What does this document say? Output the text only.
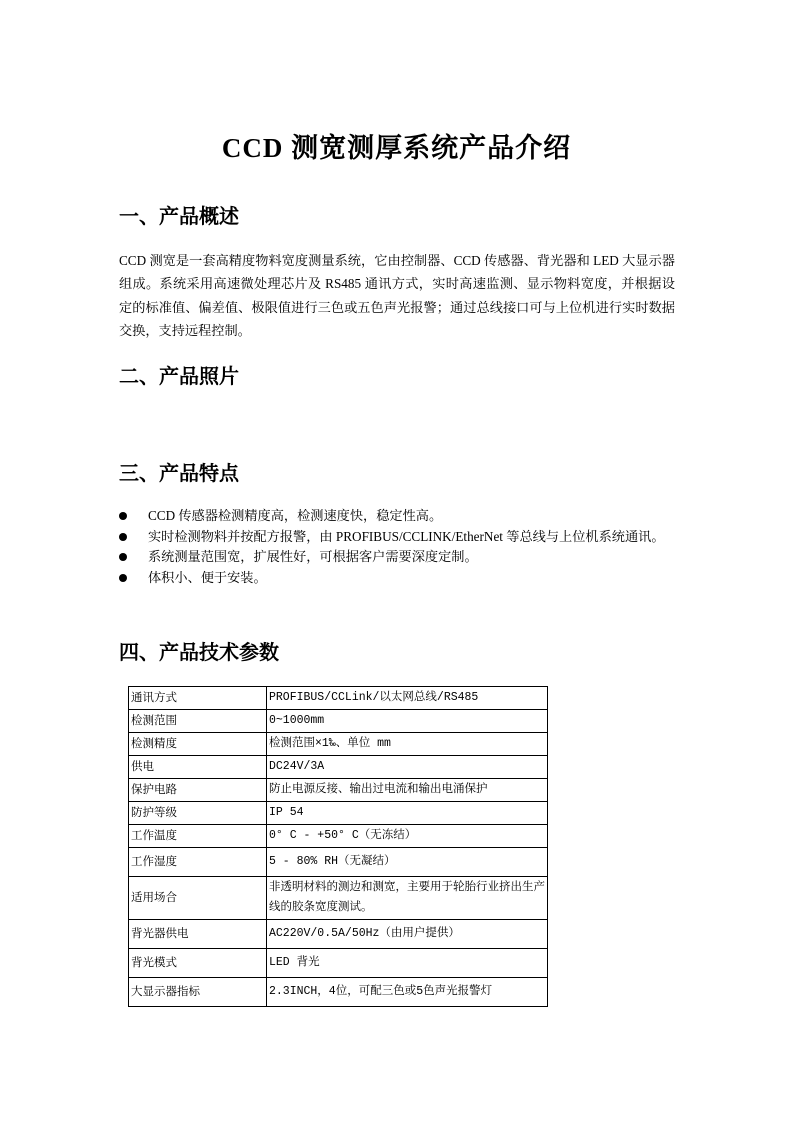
CCD 测宽测厚系统产品介绍
一、产品概述
CCD 测宽是一套高精度物料宽度测量系统，它由控制器、CCD 传感器、背光器和 LED 大显示器组成。系统采用高速微处理芯片及 RS485 通讯方式，实时高速监测、显示物料宽度，并根据设定的标准值、偏差值、极限值进行三色或五色声光报警；通过总线接口可与上位机进行实时数据交换，支持远程控制。
二、产品照片
三、产品特点
CCD 传感器检测精度高，检测速度快，稳定性高。
实时检测物料并按配方报警，由 PROFIBUS/CCLINK/EtherNet 等总线与上位机系统通讯。
系统测量范围宽，扩展性好，可根据客户需要深度定制。
体积小、便于安装。
四、产品技术参数
通讯方式	PROFIBUS/CCLink/以太网总线/RS485
检测范围	0~1000mm
检测精度	检测范围×1‰、单位 mm
供电	DC24V/3A
保护电路	防止电源反接、输出过电流和输出电涌保护
防护等级	IP 54
工作温度	0° C - +50° C（无冻结）
工作湿度	5 - 80% RH（无凝结）
适用场合	非透明材料的测边和测宽，主要用于轮胎行业挤出生产线的胶条宽度测试。
背光器供电	AC220V/0.5A/50Hz（由用户提供）
背光模式	LED 背光
大显示器指标	2.3INCH，4位，可配三色或5色声光报警灯
